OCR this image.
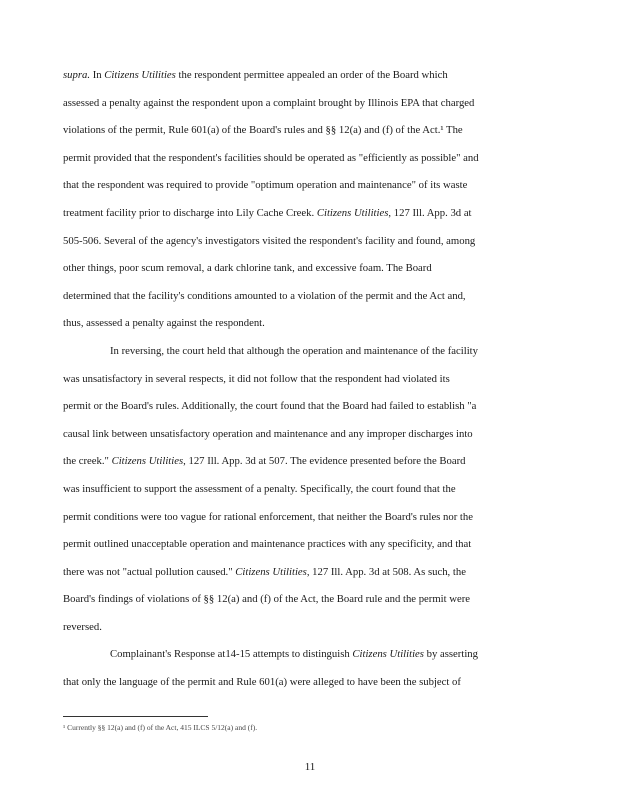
supra. In Citizens Utilities the respondent permittee appealed an order of the Board which
assessed a penalty against the respondent upon a complaint brought by Illinois EPA that charged
violations of the permit, Rule 601(a) of the Board's rules and §§ 12(a) and (f) of the Act.¹ The
permit provided that the respondent's facilities should be operated as "efficiently as possible" and
that the respondent was required to provide "optimum operation and maintenance" of its waste
treatment facility prior to discharge into Lily Cache Creek. Citizens Utilities, 127 Ill. App. 3d at
505-506. Several of the agency's investigators visited the respondent's facility and found, among
other things, poor scum removal, a dark chlorine tank, and excessive foam. The Board
determined that the facility's conditions amounted to a violation of the permit and the Act and,
thus, assessed a penalty against the respondent.
In reversing, the court held that although the operation and maintenance of the facility
was unsatisfactory in several respects, it did not follow that the respondent had violated its
permit or the Board's rules. Additionally, the court found that the Board had failed to establish "a
causal link between unsatisfactory operation and maintenance and any improper discharges into
the creek." Citizens Utilities, 127 Ill. App. 3d at 507. The evidence presented before the Board
was insufficient to support the assessment of a penalty. Specifically, the court found that the
permit conditions were too vague for rational enforcement, that neither the Board's rules nor the
permit outlined unacceptable operation and maintenance practices with any specificity, and that
there was not "actual pollution caused." Citizens Utilities, 127 Ill. App. 3d at 508. As such, the
Board's findings of violations of §§ 12(a) and (f) of the Act, the Board rule and the permit were
reversed.
Complainant's Response at14-15 attempts to distinguish Citizens Utilities by asserting
that only the language of the permit and Rule 601(a) were alleged to have been the subject of
¹ Currently §§ 12(a) and (f) of the Act, 415 ILCS 5/12(a) and (f).
11
